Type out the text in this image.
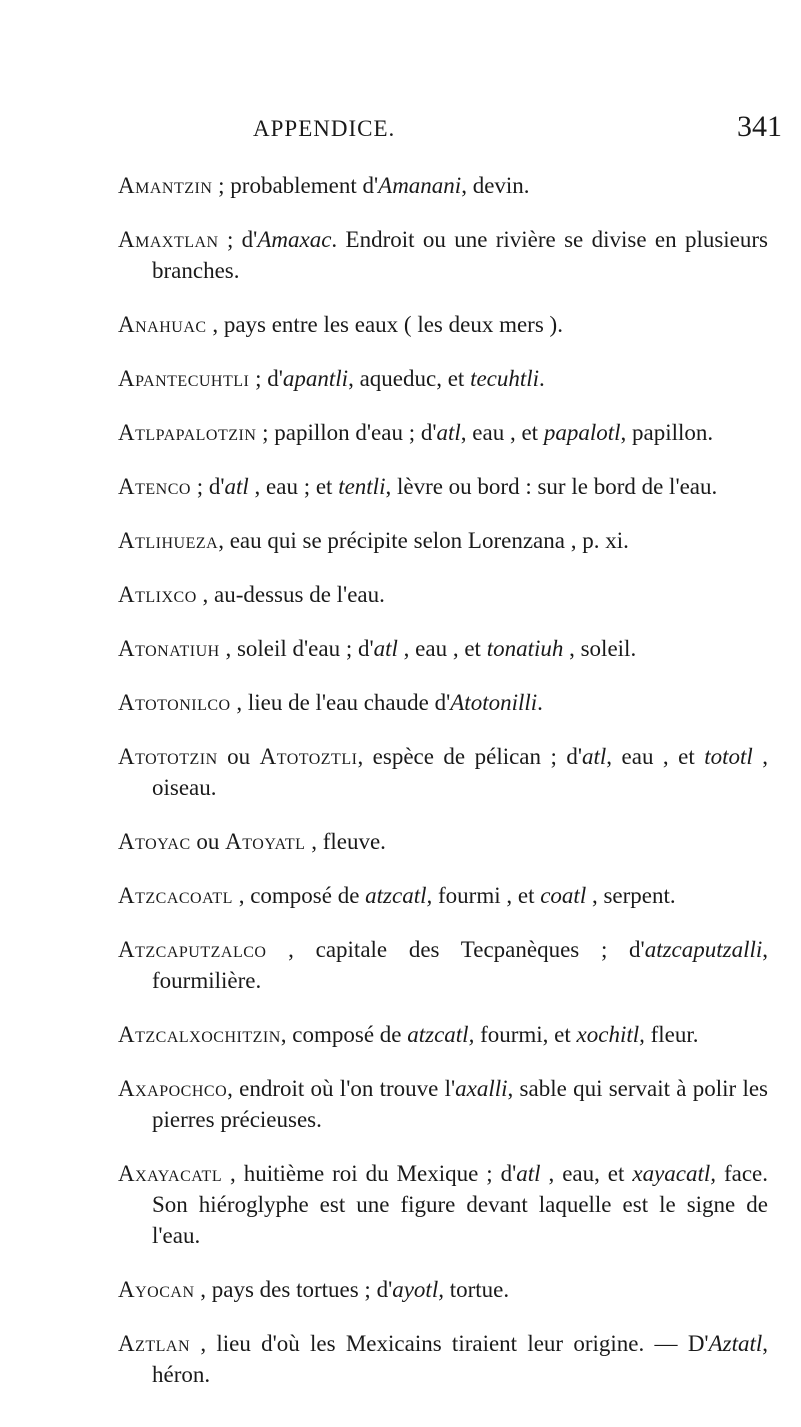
APPENDICE.	341

Amantzin ; probablement d'Amanani, devin.

Amaxtlan ; d'Amaxac. Endroit ou une rivière se divise en plusieurs branches.

Anahuac , pays entre les eaux ( les deux mers ).

Apantecuhtli ; d'apantli, aqueduc, et tecuhtli.

Atlpapalotzin ; papillon d'eau ; d'atl, eau , et papalotl, papillon.

Atenco ; d'atl , eau ; et tentli, lèvre ou bord : sur le bord de l'eau.

Atlihueza, eau qui se précipite selon Lorenzana , p. xi.

Atlixco , au-dessus de l'eau.

Atonatiuh , soleil d'eau ; d'atl , eau , et tonatiuh , soleil.

Atotonilco , lieu de l'eau chaude d'Atotonilli.

Atototzin ou Atotoztli, espèce de pélican ; d'atl, eau , et tototl , oiseau.

Atoyac ou Atoyatl , fleuve.

Atzcacoatl , composé de atzcatl, fourmi , et coatl , serpent.

Atzcaputzalco , capitale des Tecpanèques ; d'atzcaputzalli, fourmilière.

Atzcalxochitzin, composé de atzcatl, fourmi, et xochitl, fleur.

Axapochco, endroit où l'on trouve l'axalli, sable qui servait à polir les pierres précieuses.

Axayacatl , huitième roi du Mexique ; d'atl , eau, et xayacatl, face. Son hiéroglyphe est une figure devant laquelle est le signe de l'eau.

Ayocan , pays des tortues ; d'ayotl, tortue.

Aztlan , lieu d'où les Mexicains tiraient leur origine. — D'Aztatl, héron.
